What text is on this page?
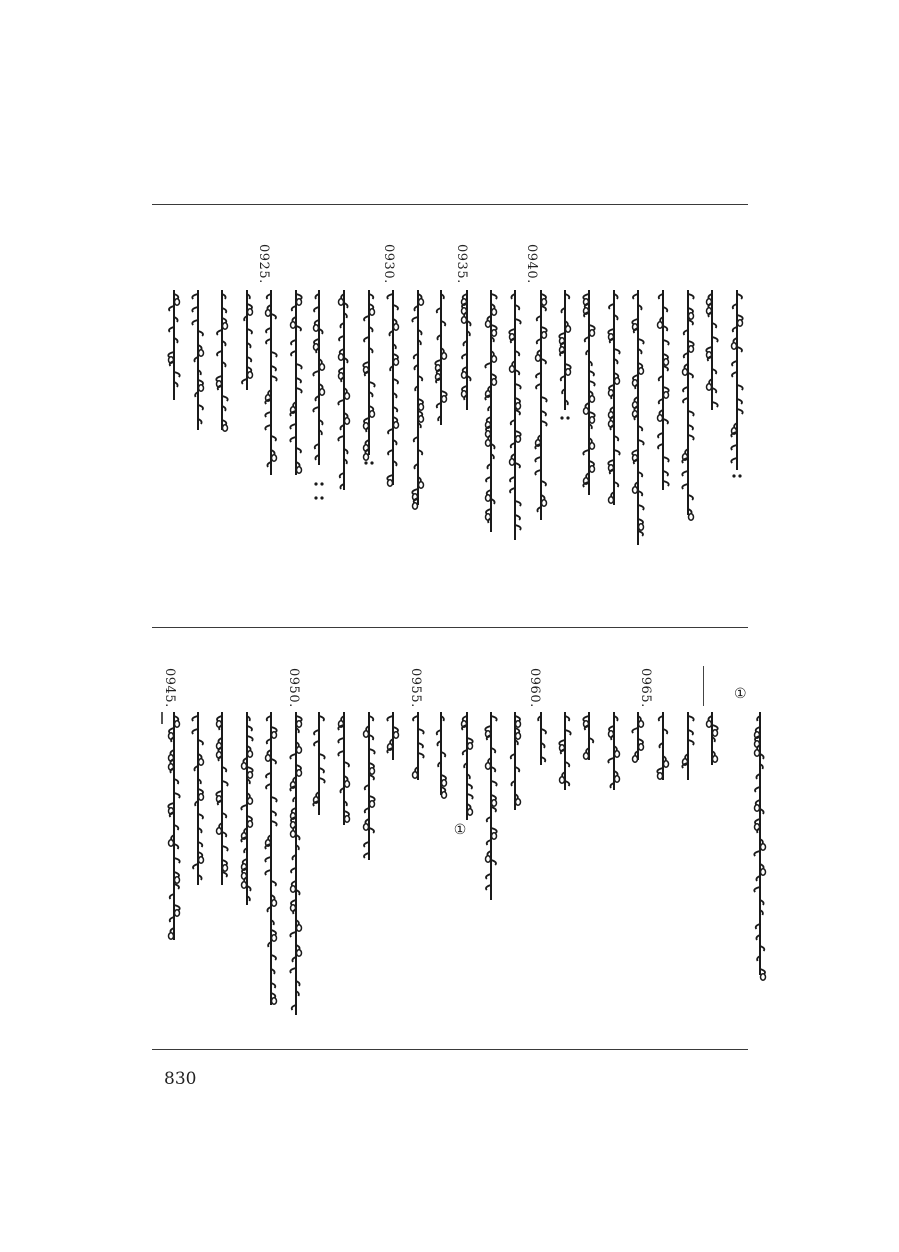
0940.
0935.
0930.
0925.
0965.
0960.
0955.
0950.
0945.	①
①
830
